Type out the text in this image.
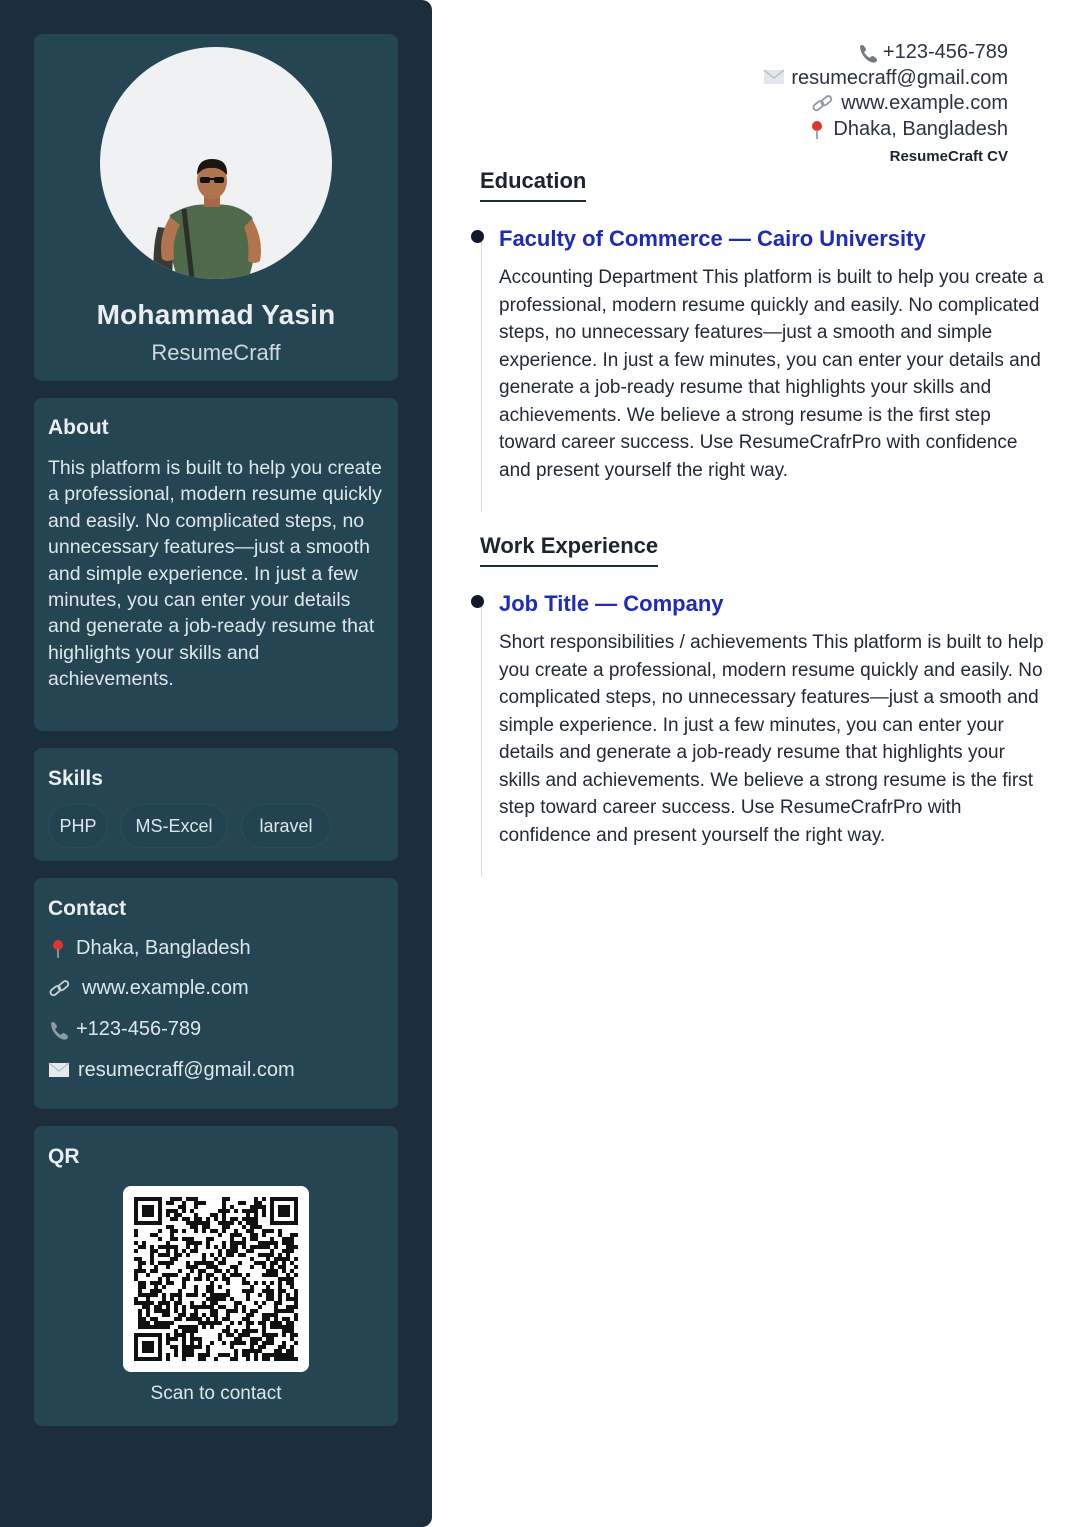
Mohammad Yasin
ResumeCraff
About

This platform is built to help you create a professional, modern resume quickly and easily. No complicated steps, no unnecessary features—just a smooth and simple experience. In just a few minutes, you can enter your details and generate a job-ready resume that highlights your skills and achievements.

Skills
PHP	MS-Excel	laravel
Contact
Dhaka, Bangladesh
www.example.com
+123-456-789
resumecraff@gmail.com
QR
Scan to contact
+123-456-789
resumecraff@gmail.com
www.example.com
Dhaka, Bangladesh
ResumeCraft CV
Education
Faculty of Commerce — Cairo University

Accounting Department This platform is built to help you create a professional, modern resume quickly and easily. No complicated steps, no unnecessary features—just a smooth and simple experience. In just a few minutes, you can enter your details and generate a job-ready resume that highlights your skills and achievements. We believe a strong resume is the first step toward career success. Use ResumeCrafrPro with confidence and present yourself the right way.

Work Experience
Job Title — Company

Short responsibilities / achievements This platform is built to help you create a professional, modern resume quickly and easily. No complicated steps, no unnecessary features—just a smooth and simple experience. In just a few minutes, you can enter your details and generate a job-ready resume that highlights your skills and achievements. We believe a strong resume is the first step toward career success. Use ResumeCrafrPro with confidence and present yourself the right way.
